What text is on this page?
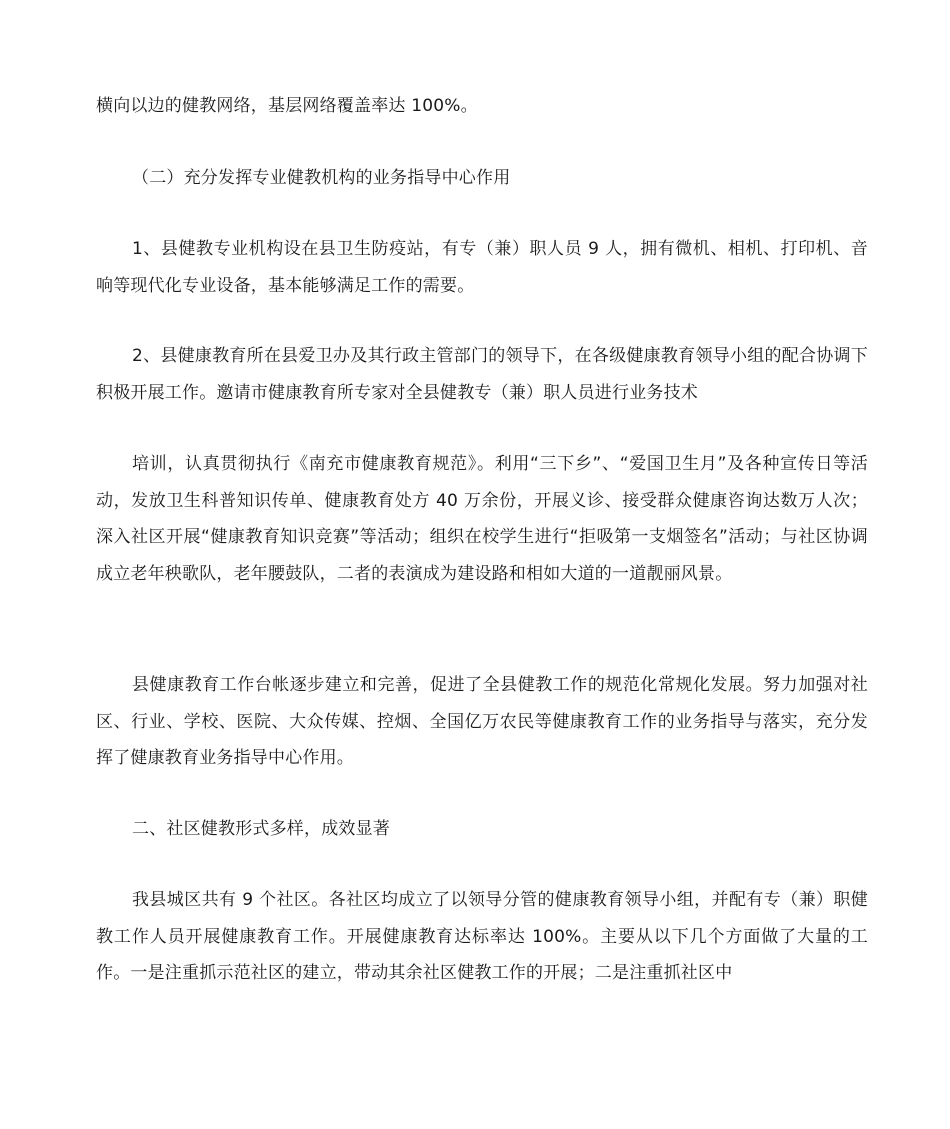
横向以边的健教网络，基层网络覆盖率达 100%。

（二）充分发挥专业健教机构的业务指导中心作用

1、县健教专业机构设在县卫生防疫站，有专（兼）职人员 9 人，拥有微机、相机、打印机、音响等现代化专业设备，基本能够满足工作的需要。

2、县健康教育所在县爱卫办及其行政主管部门的领导下，在各级健康教育领导小组的配合协调下积极开展工作。邀请市健康教育所专家对全县健教专（兼）职人员进行业务技术

培训，认真贯彻执行《南充市健康教育规范》。利用“三下乡”、“爱国卫生月”及各种宣传日等活动，发放卫生科普知识传单、健康教育处方 40 万余份，开展义诊、接受群众健康咨询达数万人次；深入社区开展“健康教育知识竞赛”等活动；组织在校学生进行“拒吸第一支烟签名”活动；与社区协调成立老年秧歌队，老年腰鼓队，二者的表演成为建设路和相如大道的一道靓丽风景。

县健康教育工作台帐逐步建立和完善，促进了全县健教工作的规范化常规化发展。努力加强对社区、行业、学校、医院、大众传媒、控烟、全国亿万农民等健康教育工作的业务指导与落实，充分发挥了健康教育业务指导中心作用。

二、社区健教形式多样，成效显著

我县城区共有 9 个社区。各社区均成立了以领导分管的健康教育领导小组，并配有专（兼）职健教工作人员开展健康教育工作。开展健康教育达标率达 100%。主要从以下几个方面做了大量的工作。一是注重抓示范社区的建立，带动其余社区健教工作的开展；二是注重抓社区中
